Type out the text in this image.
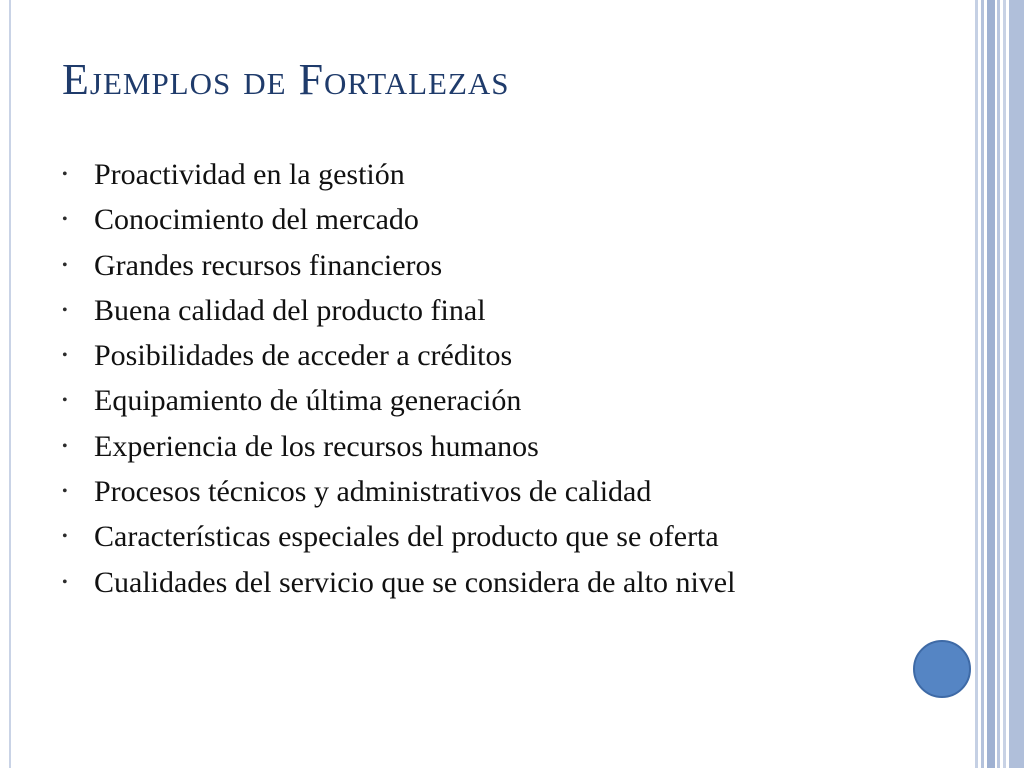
Ejemplos de Fortalezas
• Proactividad en la gestión
• Conocimiento del mercado
• Grandes recursos financieros
• Buena calidad del producto final
• Posibilidades de acceder a créditos
• Equipamiento de última generación
• Experiencia de los recursos humanos
• Procesos técnicos y administrativos de calidad
• Características especiales del producto que se oferta
• Cualidades del servicio que se considera de alto nivel
